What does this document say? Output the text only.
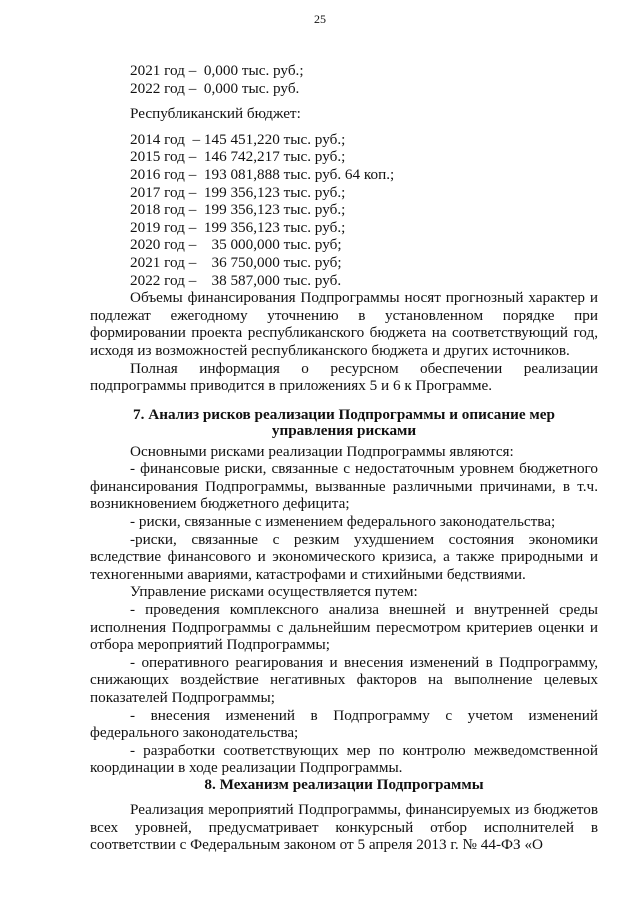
25
2021 год –  0,000 тыс. руб.;
2022 год –  0,000 тыс. руб.
Республиканский бюджет:
2014 год  – 145 451,220 тыс. руб.;
2015 год –  146 742,217 тыс. руб.;
2016 год –  193 081,888 тыс. руб. 64 коп.;
2017 год –  199 356,123 тыс. руб.;
2018 год –  199 356,123 тыс. руб.;
2019 год –  199 356,123 тыс. руб.;
2020 год –    35 000,000 тыс. руб;
2021 год –    36 750,000 тыс. руб;
2022 год –    38 587,000 тыс. руб.

Объемы финансирования Подпрограммы носят прогнозный характер и подлежат ежегодному уточнению в установленном порядке при формировании проекта республиканского бюджета на соответствующий год, исходя из возможностей республиканского бюджета и других источников.

Полная информация о ресурсном обеспечении реализации подпрограммы приводится в приложениях 5 и 6 к Программе.

7. Анализ рисков реализации Подпрограммы и описание мер
управления рисками

Основными рисками реализации Подпрограммы являются:

- финансовые риски, связанные с недостаточным уровнем бюджетного финансирования Подпрограммы, вызванные различными причинами, в т.ч. возникновением бюджетного дефицита;

- риски, связанные с изменением федерального законодательства;

-риски, связанные с резким ухудшением состояния экономики вследствие финансового и экономического кризиса, а также природными и техногенными авариями, катастрофами и стихийными бедствиями.

Управление рисками осуществляется путем:

- проведения комплексного анализа внешней и внутренней среды исполнения Подпрограммы с дальнейшим пересмотром критериев оценки и отбора мероприятий Подпрограммы;

- оперативного реагирования и внесения изменений в Подпрограмму, снижающих воздействие негативных факторов на выполнение целевых показателей Подпрограммы;

- внесения изменений в Подпрограмму с учетом изменений федерального законодательства;

- разработки соответствующих мер по контролю межведомственной координации в ходе реализации Подпрограммы.

8. Механизм реализации Подпрограммы

Реализация мероприятий Подпрограммы, финансируемых из бюджетов всех уровней, предусматривает конкурсный отбор исполнителей в соответствии с Федеральным законом от 5 апреля 2013 г. № 44-ФЗ «О
